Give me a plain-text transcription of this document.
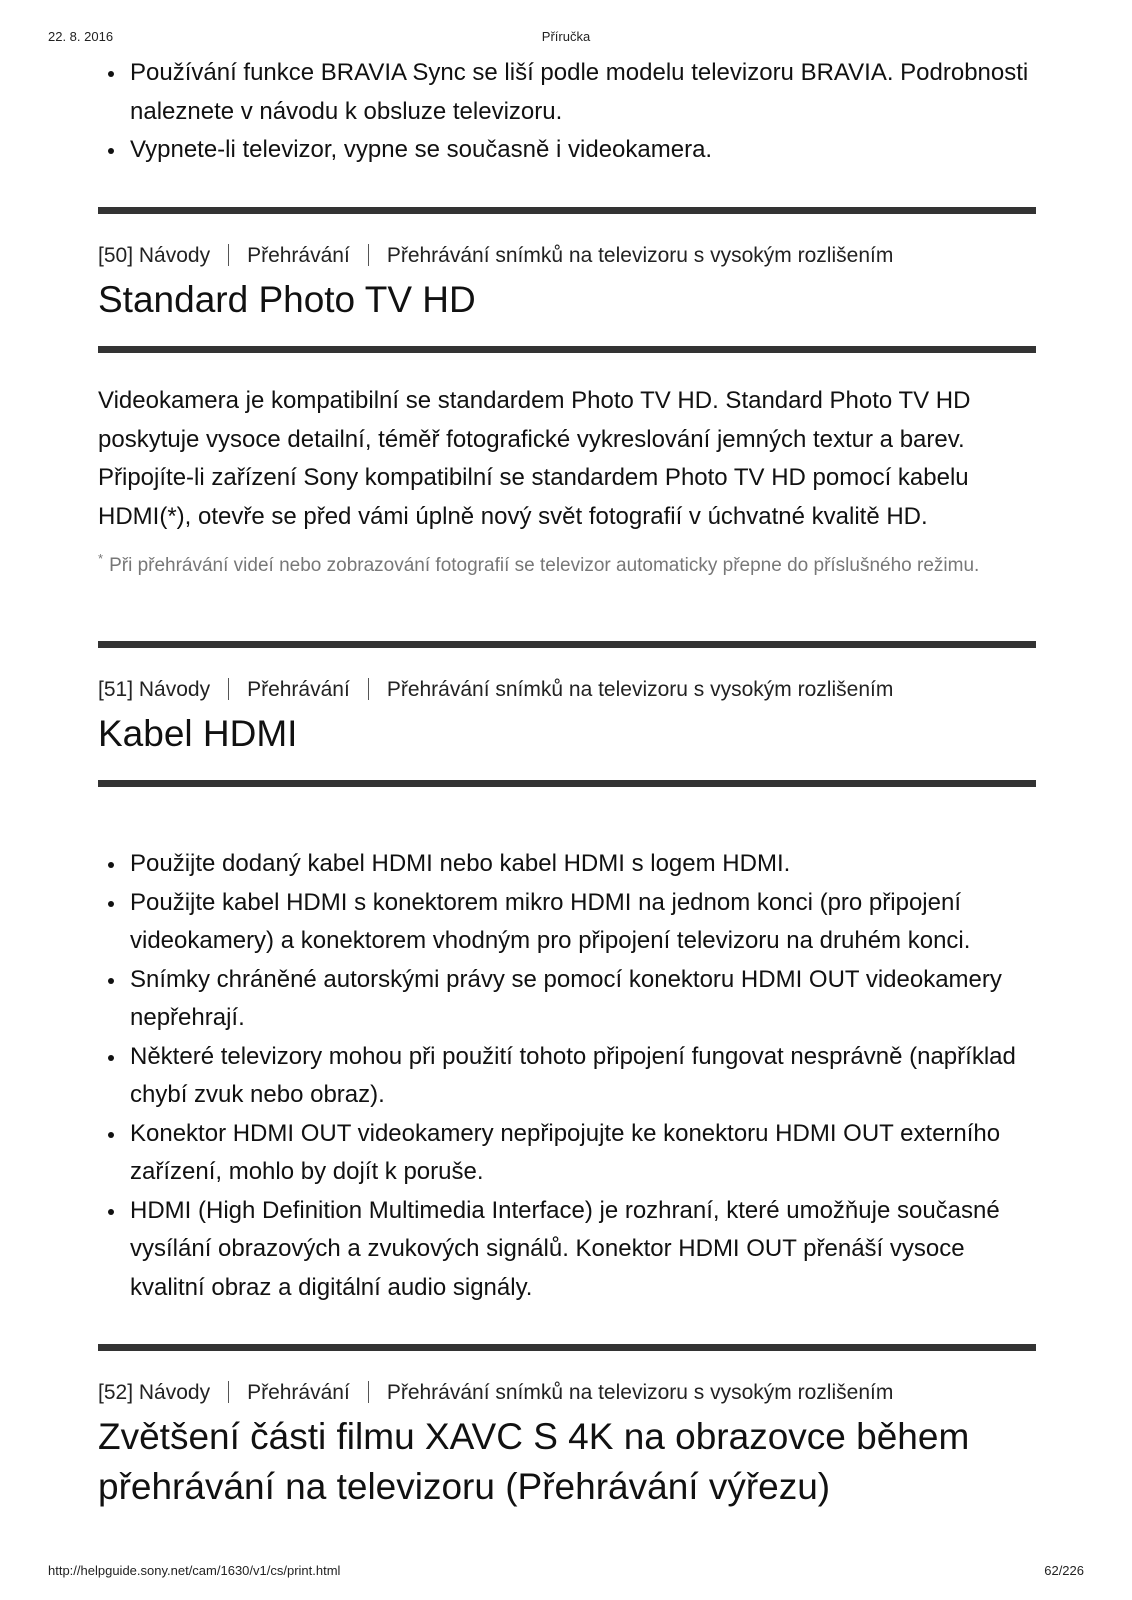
22. 8. 2016	Příručka
Používání funkce BRAVIA Sync se liší podle modelu televizoru BRAVIA. Podrobnosti naleznete v návodu k obsluze televizoru.
Vypnete-li televizor, vypne se současně i videokamera.
[50] Návody Přehrávání Přehrávání snímků na televizoru s vysokým rozlišením
Standard Photo TV HD

Videokamera je kompatibilní se standardem Photo TV HD. Standard Photo TV HD poskytuje vysoce detailní, téměř fotografické vykreslování jemných textur a barev. Připojíte-li zařízení Sony kompatibilní se standardem Photo TV HD pomocí kabelu HDMI(*), otevře se před vámi úplně nový svět fotografií v úchvatné kvalitě HD.

* Při přehrávání videí nebo zobrazování fotografií se televizor automaticky přepne do příslušného režimu.

[51] Návody Přehrávání Přehrávání snímků na televizoru s vysokým rozlišením
Kabel HDMI
Použijte dodaný kabel HDMI nebo kabel HDMI s logem HDMI.
Použijte kabel HDMI s konektorem mikro HDMI na jednom konci (pro připojení videokamery) a konektorem vhodným pro připojení televizoru na druhém konci.
Snímky chráněné autorskými právy se pomocí konektoru HDMI OUT videokamery nepřehrají.
Některé televizory mohou při použití tohoto připojení fungovat nesprávně (například chybí zvuk nebo obraz).
Konektor HDMI OUT videokamery nepřipojujte ke konektoru HDMI OUT externího zařízení, mohlo by dojít k poruše.
HDMI (High Definition Multimedia Interface) je rozhraní, které umožňuje současné vysílání obrazových a zvukových signálů. Konektor HDMI OUT přenáší vysoce kvalitní obraz a digitální audio signály.
[52] Návody Přehrávání Přehrávání snímků na televizoru s vysokým rozlišením
Zvětšení části filmu XAVC S 4K na obrazovce během přehrávání na televizoru (Přehrávání výřezu)
http://helpguide.sony.net/cam/1630/v1/cs/print.html	62/226
